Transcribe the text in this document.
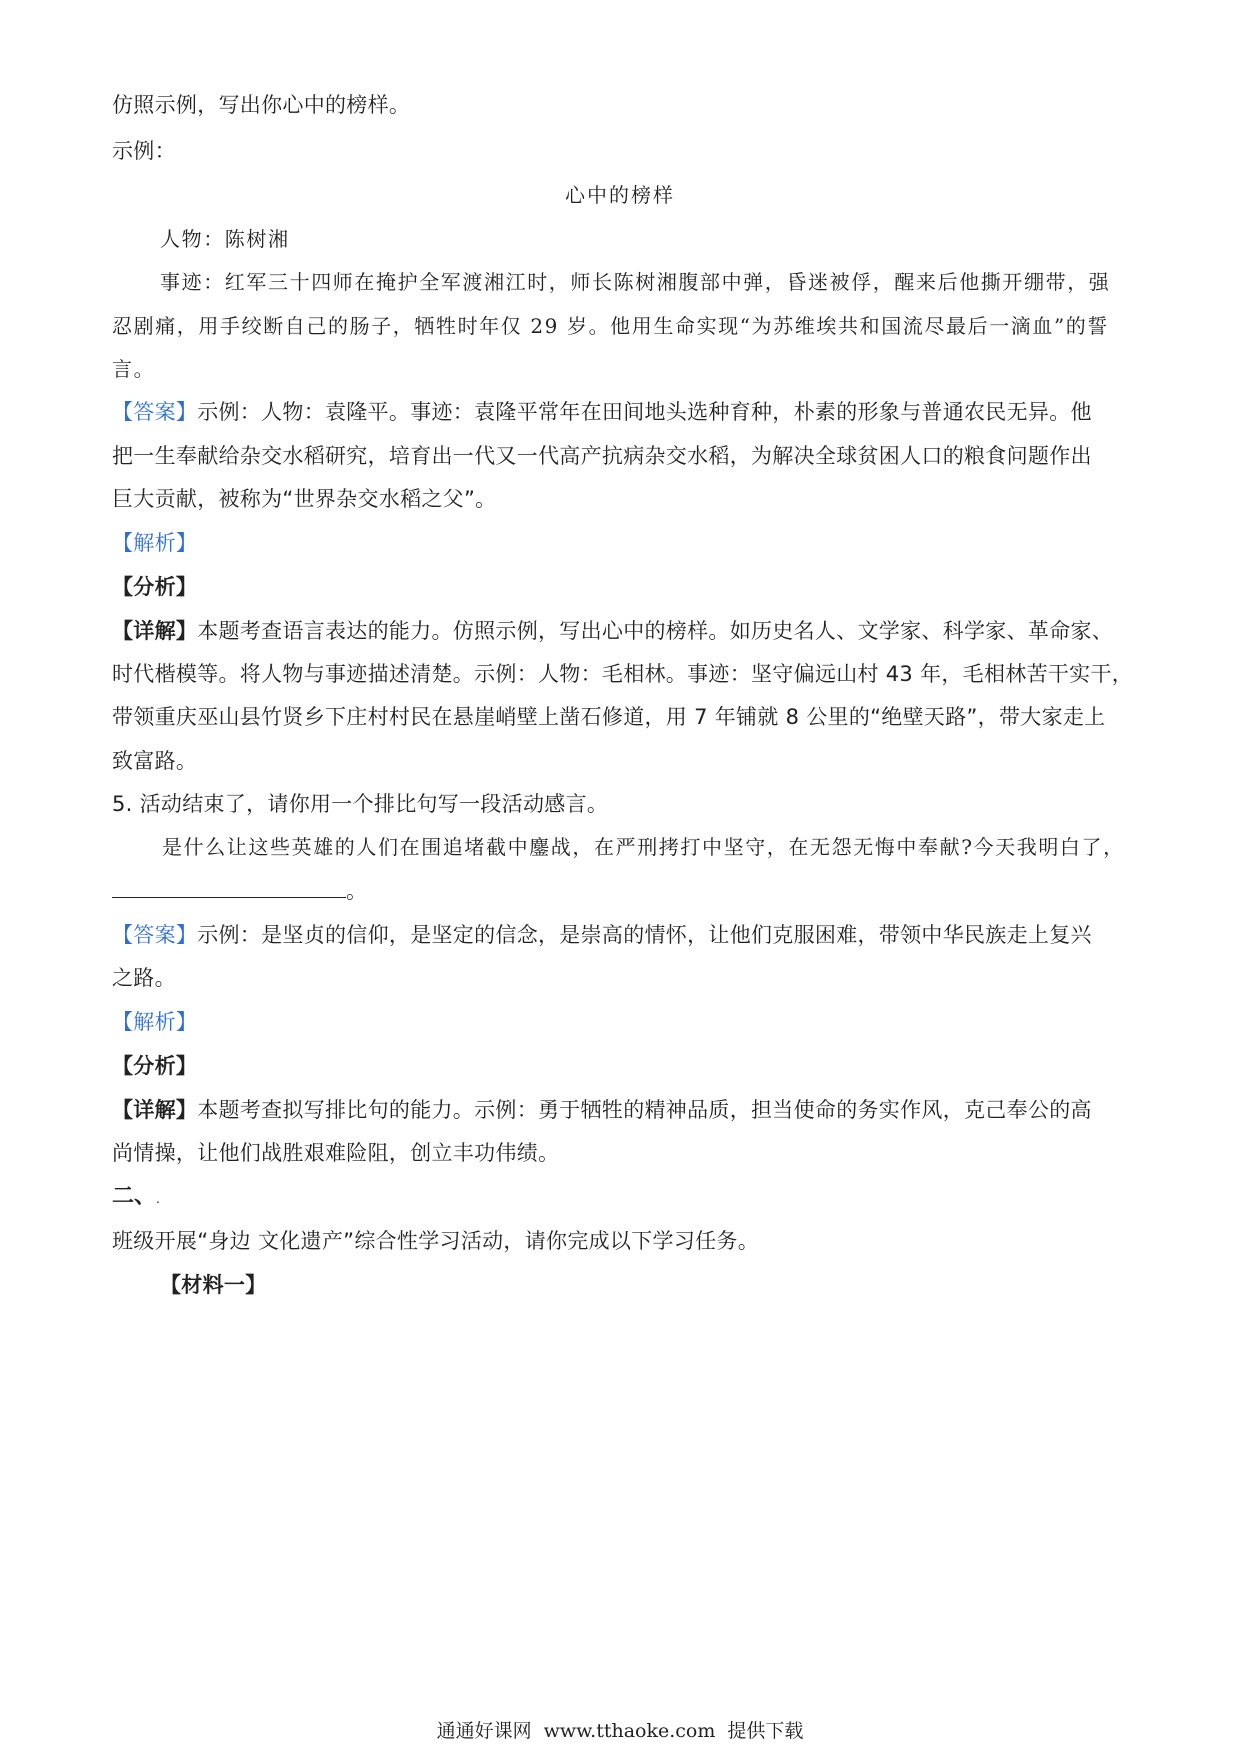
仿照示例，写出你心中的榜样。
示例：
心中的榜样
人物：陈树湘
事迹：红军三十四师在掩护全军渡湘江时，师长陈树湘腹部中弹，昏迷被俘，醒来后他撕开绷带，强
忍剧痛，用手绞断自己的肠子，牺牲时年仅 29 岁。他用生命实现“为苏维埃共和国流尽最后一滴血”的誓
言。
【答案】示例：人物：袁隆平。事迹：袁隆平常年在田间地头选种育种，朴素的形象与普通农民无异。他
把一生奉献给杂交水稻研究，培育出一代又一代高产抗病杂交水稻，为解决全球贫困人口的粮食问题作出
巨大贡献，被称为“世界杂交水稻之父”。
【解析】
【分析】
【详解】本题考查语言表达的能力。仿照示例，写出心中的榜样。如历史名人、文学家、科学家、革命家、
时代楷模等。将人物与事迹描述清楚。示例：人物：毛相林。事迹：坚守偏远山村 43 年，毛相林苦干实干，
带领重庆巫山县竹贤乡下庄村村民在悬崖峭壁上凿石修道，用 7 年铺就 8 公里的“绝壁天路”，带大家走上
致富路。
5. 活动结束了，请你用一个排比句写一段活动感言。
是什么让这些英雄的人们在围追堵截中鏖战，在严刑拷打中坚守，在无怨无悔中奉献?今天我明白了，
。
【答案】示例：是坚贞的信仰，是坚定的信念，是崇高的情怀，让他们克服困难，带领中华民族走上复兴
之路。
【解析】
【分析】
【详解】本题考查拟写排比句的能力。示例：勇于牺牲的精神品质，担当使命的务实作风，克己奉公的高
尚情操，让他们战胜艰难险阻，创立丰功伟绩。
二、.
班级开展“身边 文化遗产”综合性学习活动，请你完成以下学习任务。
【材料一】
通通好课网 www.tthaoke.com 提供下载
